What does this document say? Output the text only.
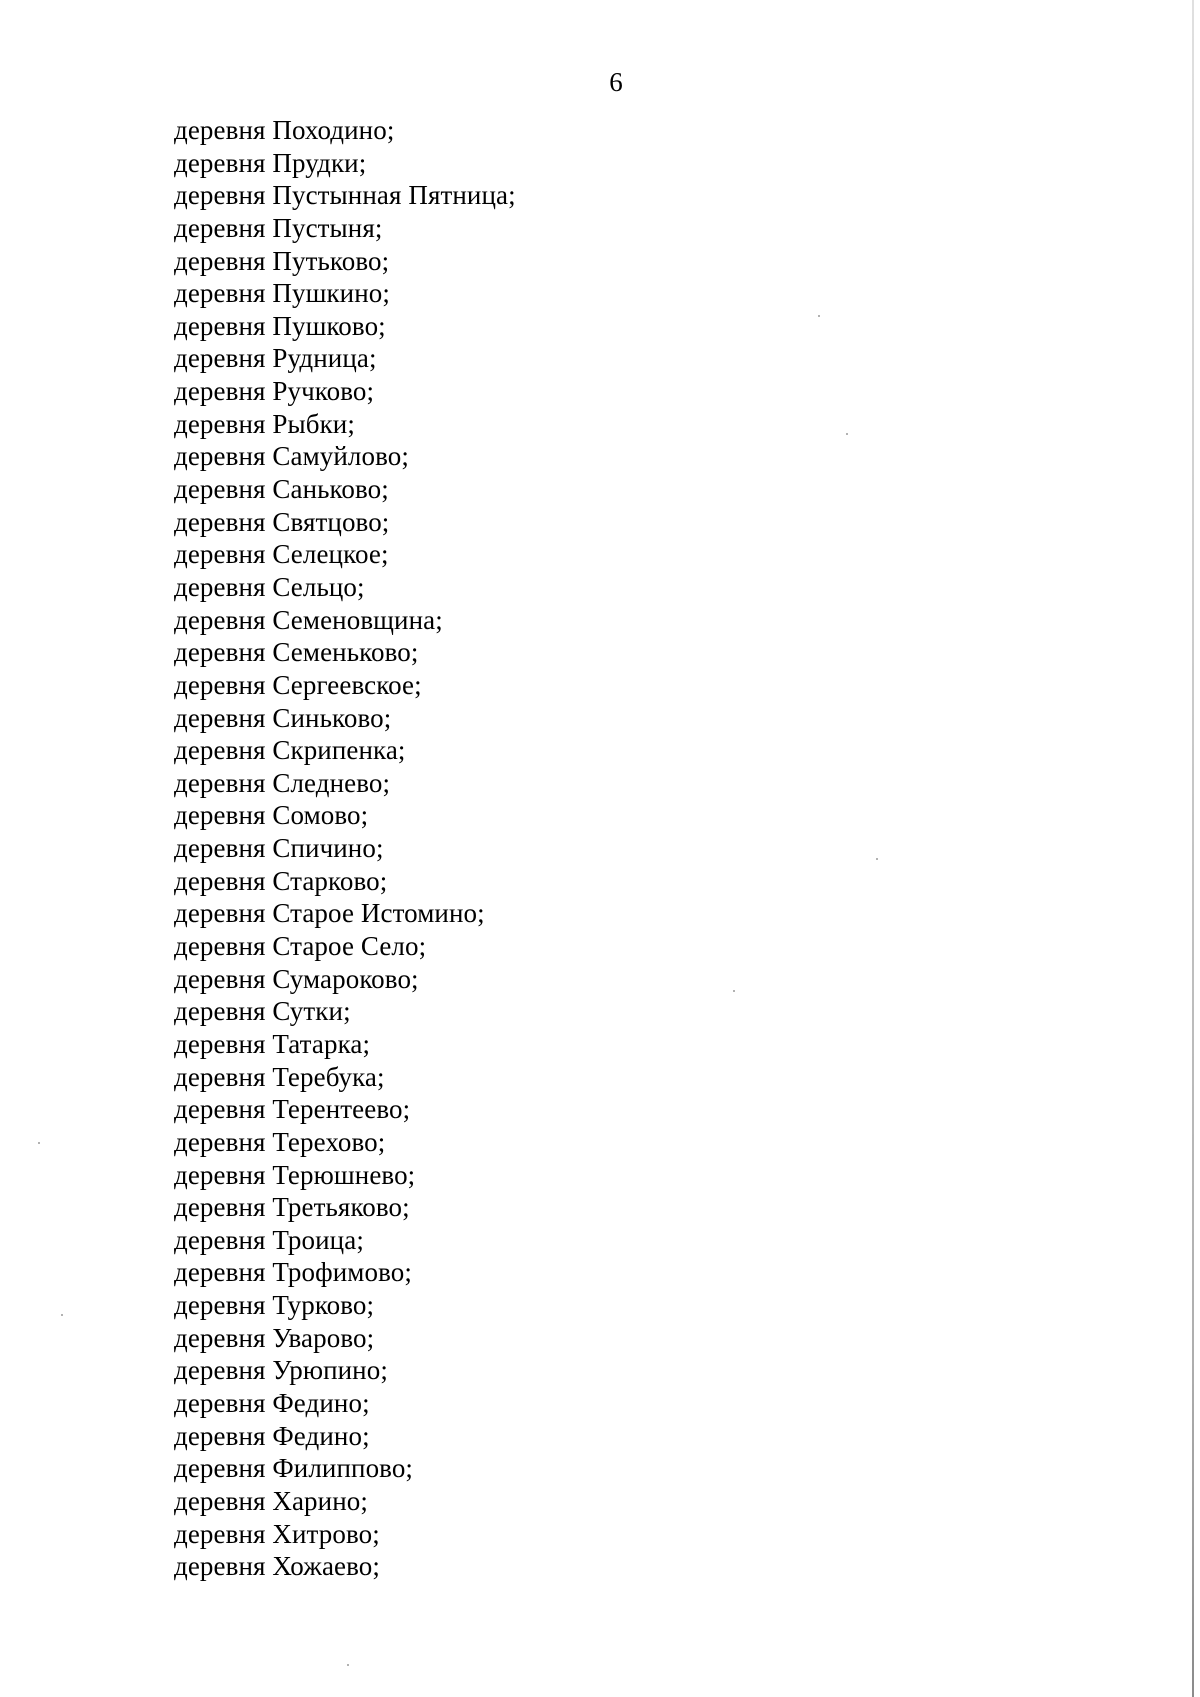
6
деревня Походино;
деревня Прудки;
деревня Пустынная Пятница;
деревня Пустыня;
деревня Путьково;
деревня Пушкино;
деревня Пушково;
деревня Рудница;
деревня Ручково;
деревня Рыбки;
деревня Самуйлово;
деревня Саньково;
деревня Святцово;
деревня Селецкое;
деревня Сельцо;
деревня Семеновщина;
деревня Семеньково;
деревня Сергеевское;
деревня Синьково;
деревня Скрипенка;
деревня Следнево;
деревня Сомово;
деревня Спичино;
деревня Старково;
деревня Старое Истомино;
деревня Старое Село;
деревня Сумароково;
деревня Сутки;
деревня Татарка;
деревня Теребука;
деревня Терентеево;
деревня Терехово;
деревня Терюшнево;
деревня Третьяково;
деревня Троица;
деревня Трофимово;
деревня Турково;
деревня Уварово;
деревня Урюпино;
деревня Федино;
деревня Федино;
деревня Филиппово;
деревня Харино;
деревня Хитрово;
деревня Хожаево;
